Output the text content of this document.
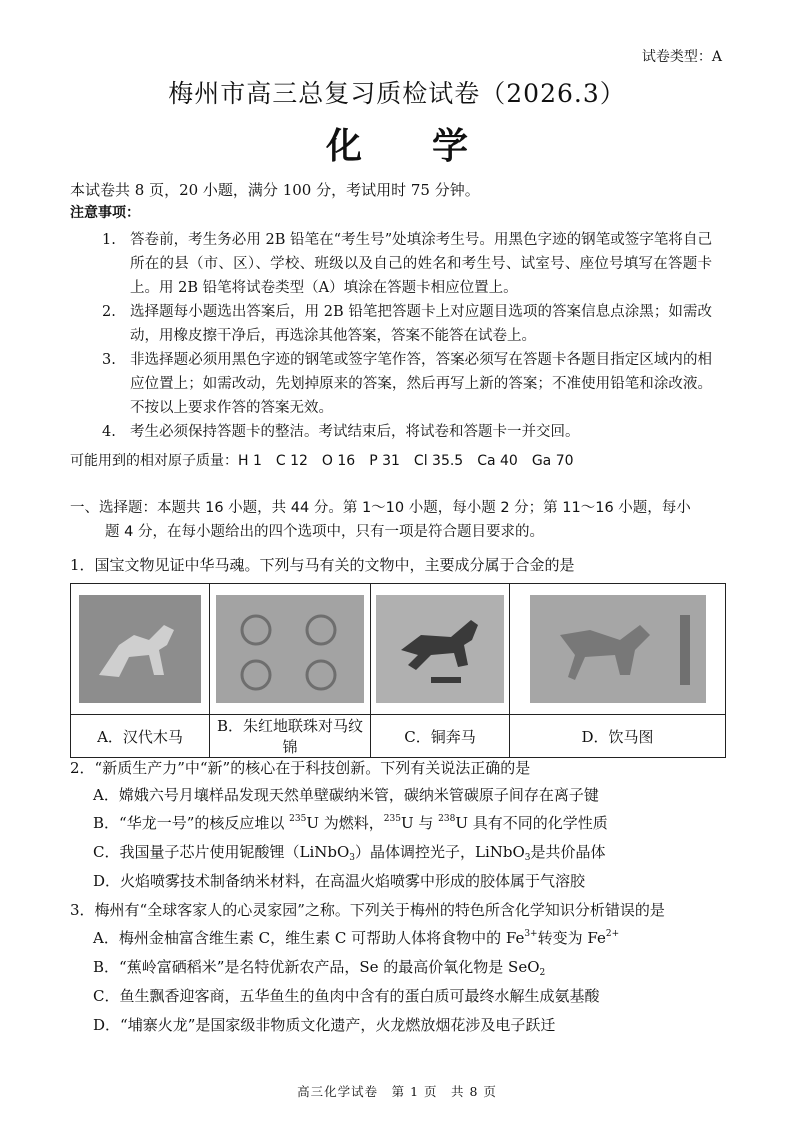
试卷类型：A
梅州市高三总复习质检试卷（2026.3）
化学
本试卷共 8 页，20 小题，满分 100 分，考试用时 75 分钟。
注意事项：
1. 答卷前，考生务必用 2B 铅笔在“考生号”处填涂考生号。用黑色字迹的钢笔或签字笔将自己所在的县（市、区）、学校、班级以及自己的姓名和考生号、试室号、座位号填写在答题卡上。用 2B 铅笔将试卷类型（A）填涂在答题卡相应位置上。
2. 选择题每小题选出答案后，用 2B 铅笔把答题卡上对应题目选项的答案信息点涂黑；如需改动，用橡皮擦干净后，再选涂其他答案，答案不能答在试卷上。
3. 非选择题必须用黑色字迹的钢笔或签字笔作答，答案必须写在答题卡各题目指定区域内的相应位置上；如需改动，先划掉原来的答案，然后再写上新的答案；不准使用铅笔和涂改液。不按以上要求作答的答案无效。
4. 考生必须保持答题卡的整洁。考试结束后，将试卷和答题卡一并交回。
可能用到的相对原子质量：H 1　C 12　O 16　P 31　Cl 35.5　Ca 40　Ga 70
一、选择题：本题共 16 小题，共 44 分。第 1～10 小题，每小题 2 分；第 11～16 小题，每小
题 4 分，在每小题给出的四个选项中，只有一项是符合题目要求的。
1．国宝文物见证中华马魂。下列与马有关的文物中，主要成分属于合金的是

A．汉代木马	B．朱红地联珠对马纹锦	C．铜奔马	D．饮马图
2．“新质生产力”中“新”的核心在于科技创新。下列有关说法正确的是
A．嫦娥六号月壤样品发现天然单壁碳纳米管，碳纳米管碳原子间存在离子键
B．“华龙一号”的核反应堆以 $^{235}$U 为燃料，$^{235}$U 与 $^{238}$U 具有不同的化学性质
C．我国量子芯片使用铌酸锂（LiNbO$_3$）晶体调控光子，LiNbO$_3$是共价晶体
D．火焰喷雾技术制备纳米材料，在高温火焰喷雾中形成的胶体属于气溶胶
3．梅州有“全球客家人的心灵家园”之称。下列关于梅州的特色所含化学知识分析错误的是
A．梅州金柚富含维生素 C，维生素 C 可帮助人体将食物中的 $Fe^{3+}$转变为 $Fe^{2+}$
B．“蕉岭富硒稻米”是名特优新农产品，Se 的最高价氧化物是 SeO$_2$
C．鱼生飘香迎客商，五华鱼生的鱼肉中含有的蛋白质可最终水解生成氨基酸
D．“埔寨火龙”是国家级非物质文化遗产，火龙燃放烟花涉及电子跃迁
高三化学试卷　第 1 页　共 8 页
